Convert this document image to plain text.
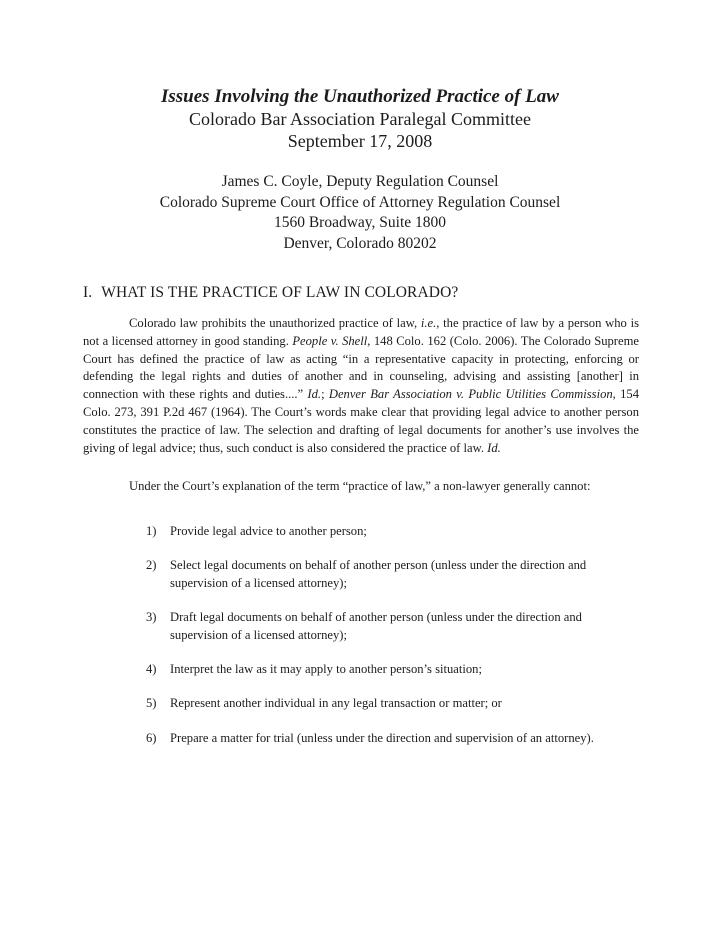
Issues Involving the Unauthorized Practice of Law

Colorado Bar Association Paralegal Committee

September 17, 2008

James C. Coyle, Deputy Regulation Counsel

Colorado Supreme Court Office of Attorney Regulation Counsel

1560 Broadway, Suite 1800

Denver, Colorado 80202

I. WHAT IS THE PRACTICE OF LAW IN COLORADO?

Colorado law prohibits the unauthorized practice of law, i.e., the practice of law by a person who is not a licensed attorney in good standing. People v. Shell, 148 Colo. 162 (Colo. 2006). The Colorado Supreme Court has defined the practice of law as acting “in a representative capacity in protecting, enforcing or defending the legal rights and duties of another and in counseling, advising and assisting [another] in connection with these rights and duties....” Id.; Denver Bar Association v. Public Utilities Commission, 154 Colo. 273, 391 P.2d 467 (1964). The Court’s words make clear that providing legal advice to another person constitutes the practice of law. The selection and drafting of legal documents for another’s use involves the giving of legal advice; thus, such conduct is also considered the practice of law. Id.

Under the Court’s explanation of the term “practice of law,” a non-lawyer generally cannot:

1) Provide legal advice to another person;
2) Select legal documents on behalf of another person (unless under the direction and supervision of a licensed attorney);
3) Draft legal documents on behalf of another person (unless under the direction and supervision of a licensed attorney);
4) Interpret the law as it may apply to another person’s situation;
5) Represent another individual in any legal transaction or matter; or
6) Prepare a matter for trial (unless under the direction and supervision of an attorney).
